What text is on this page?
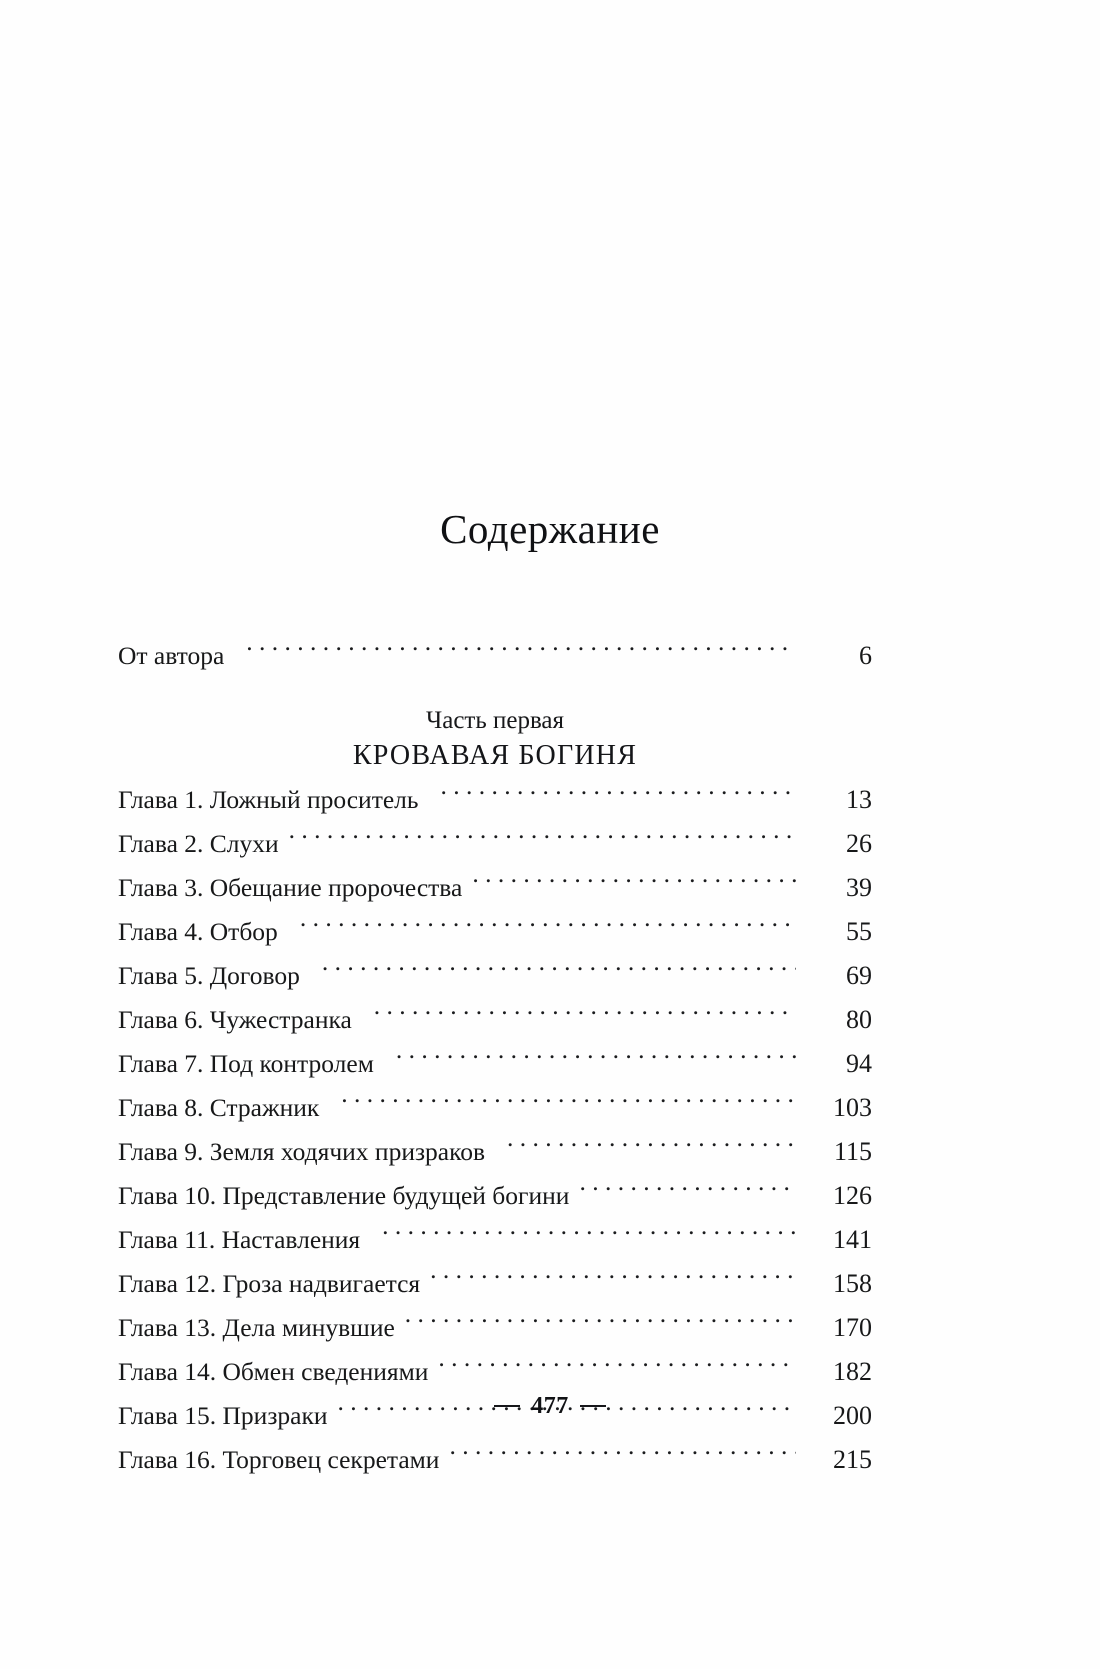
Содержание
От автора . . .	6
Часть первая
КРОВАВАЯ БОГИНЯ
Глава 1. Ложный проситель . . .	13
Глава 2. Слухи . . .	26
Глава 3. Обещание пророчества . . .	39
Глава 4. Отбор . . .	55
Глава 5. Договор . . .	69
Глава 6. Чужестранка . . .	80
Глава 7. Под контролем . . .	94
Глава 8. Стражник . . .	103
Глава 9. Земля ходячих призраков . . .	115
Глава 10. Представление будущей богини . . .	126
Глава 11. Наставления . . .	141
Глава 12. Гроза надвигается . . .	158
Глава 13. Дела минувшие . . .	170
Глава 14. Обмен сведениями . . .	182
Глава 15. Призраки . . .	200
Глава 16. Торговец секретами . . .	215
477
